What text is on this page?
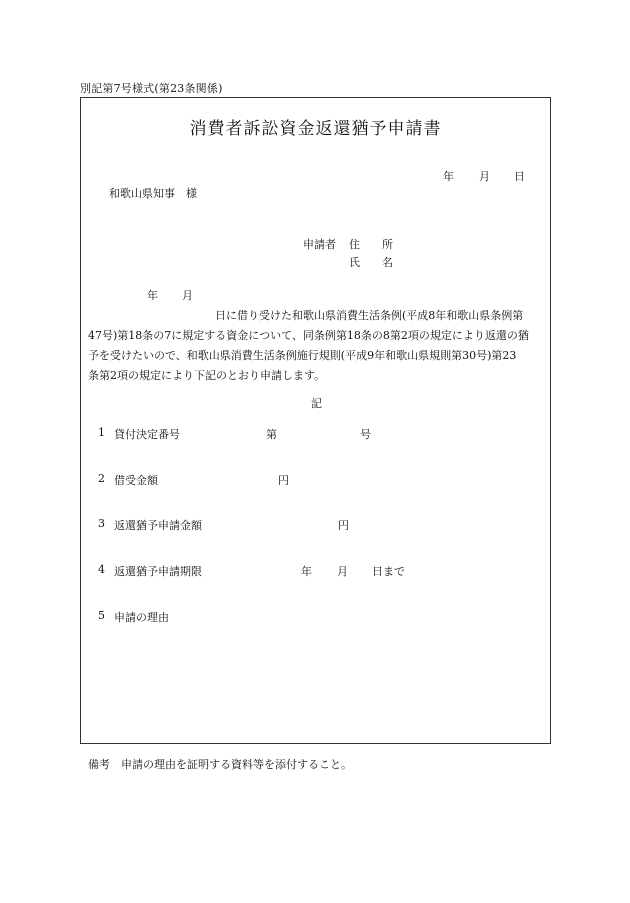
別記第7号様式(第23条関係)
消費者訴訟資金返還猶予申請書
年 月 日
和歌山県知事　様
申請者 住　　所
氏　　名
年 月

日に借り受けた和歌山県消費生活条例(平成8年和歌山県条例第
47号)第18条の7に規定する資金について、同条例第18条の8第2項の規定により返還の猶
予を受けたいので、和歌山県消費生活条例施行規則(平成9年和歌山県規則第30号)第23
条第2項の規定により下記のとおり申請します。

記
1 貸付決定番号	第	号
2 借受金額	円
3 返還猶予申請金額	円
4 返還猶予申請期限	年 月 日まで
5 申請の理由
備考 申請の理由を証明する資料等を添付すること。
